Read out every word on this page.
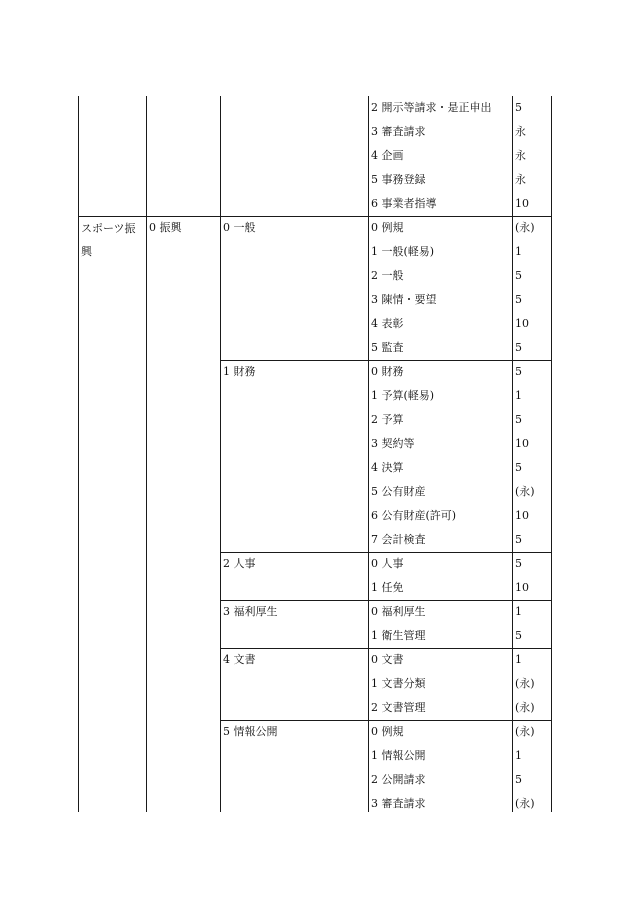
2 開示等請求・是正申出 5
3 審査請求	永
4 企画	永
5 事務登録	永
6 事業者指導	10
スポーツ振興
0 振興	0 一般	0 例規	(永)
1 一般(軽易)	1
2 一般	5
3 陳情・要望	5
4 表彰	10
5 監査	5
1 財務	0 財務	5
1 予算(軽易)	1
2 予算	5
3 契約等	10
4 決算	5
5 公有財産	(永)
6 公有財産(許可)	10
7 会計検査	5
2 人事	0 人事	5
1 任免	10
3 福利厚生	0 福利厚生	1
1 衛生管理	5
4 文書	0 文書	1
1 文書分類	(永)
2 文書管理	(永)
5 情報公開	0 例規	(永)
1 情報公開	1
2 公開請求	5
3 審査請求	(永)
